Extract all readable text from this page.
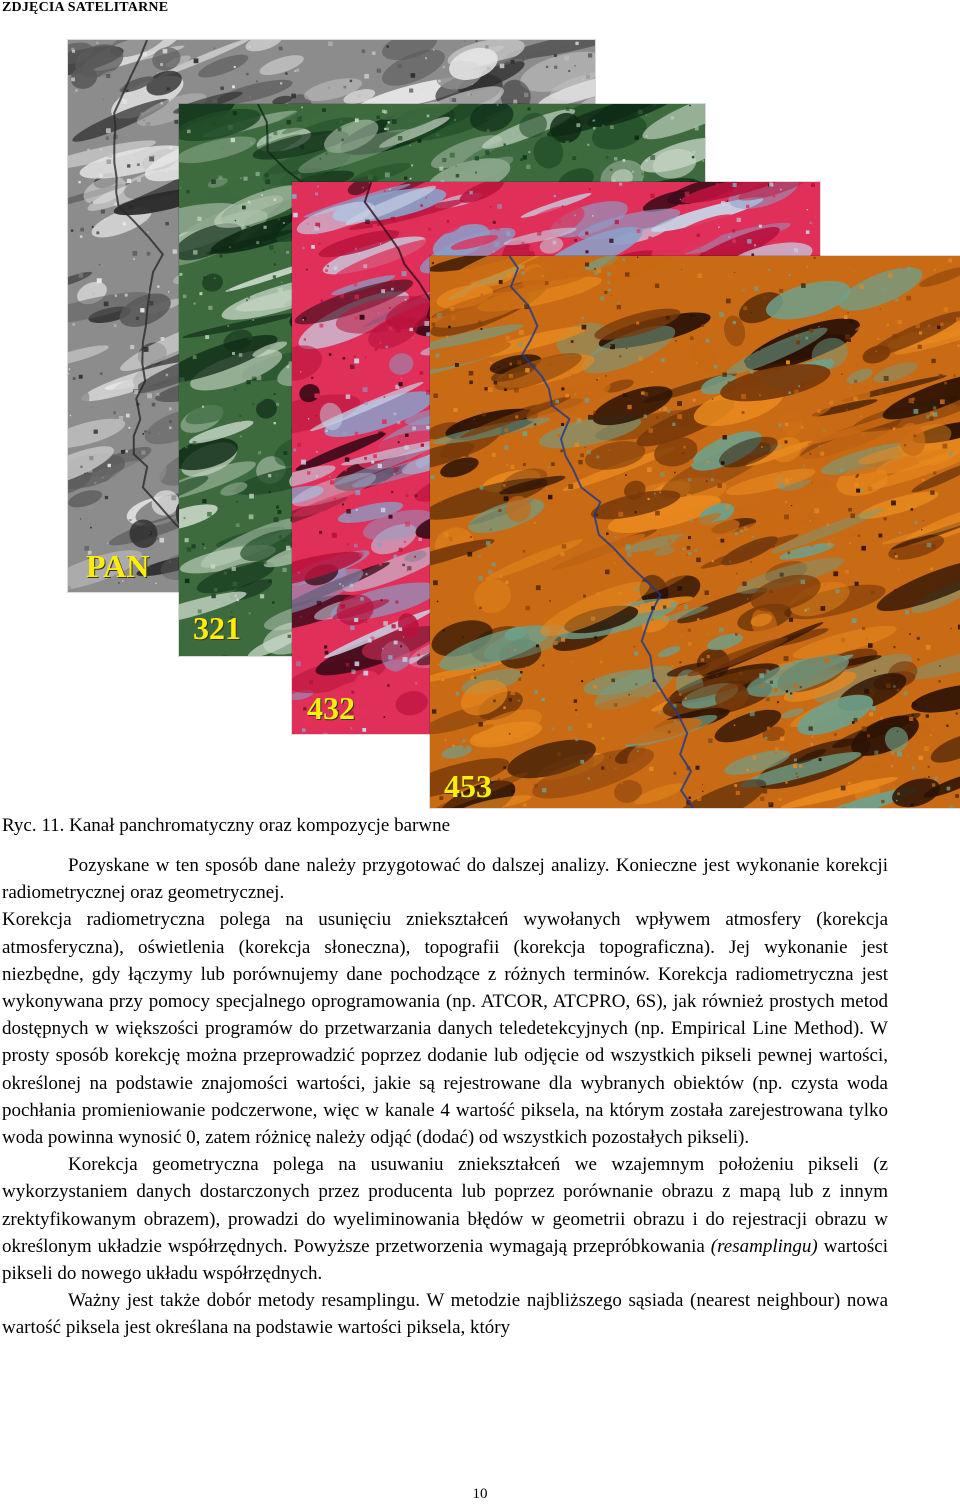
ZDJĘCIA SATELITARNE
PAN
321
432
453
Ryc. 11. Kanał panchromatyczny oraz kompozycje barwne

Pozyskane w ten sposób dane należy przygotować do dalszej analizy. Konieczne jest wykonanie korekcji radiometrycznej oraz geometrycznej.

Korekcja radiometryczna polega na usunięciu zniekształceń wywołanych wpływem atmosfery (korekcja atmosferyczna), oświetlenia (korekcja słoneczna), topografii (korekcja topograficzna). Jej wykonanie jest niezbędne, gdy łączymy lub porównujemy dane pochodzące z różnych terminów. Korekcja radiometryczna jest wykonywana przy pomocy specjalnego oprogramowania (np. ATCOR, ATCPRO, 6S), jak również prostych metod dostępnych w większości programów do przetwarzania danych teledetekcyjnych (np. Empirical Line Method). W prosty sposób korekcję można przeprowadzić poprzez dodanie lub odjęcie od wszystkich pikseli pewnej wartości, określonej na podstawie znajomości wartości, jakie są rejestrowane dla wybranych obiektów (np. czysta woda pochłania promieniowanie podczerwone, więc w kanale 4 wartość piksela, na którym została zarejestrowana tylko woda powinna wynosić 0, zatem różnicę należy odjąć (dodać) od wszystkich pozostałych pikseli).

Korekcja geometryczna polega na usuwaniu zniekształceń we wzajemnym położeniu pikseli (z wykorzystaniem danych dostarczonych przez producenta lub poprzez porównanie obrazu z mapą lub z innym zrektyfikowanym obrazem), prowadzi do wyeliminowania błędów w geometrii obrazu i do rejestracji obrazu w określonym układzie współrzędnych. Powyższe przetworzenia wymagają przepróbkowania (resamplingu) wartości pikseli do nowego układu współrzędnych.

Ważny jest także dobór metody resamplingu. W metodzie najbliższego sąsiada (nearest neighbour) nowa wartość piksela jest określana na podstawie wartości piksela, który

10
